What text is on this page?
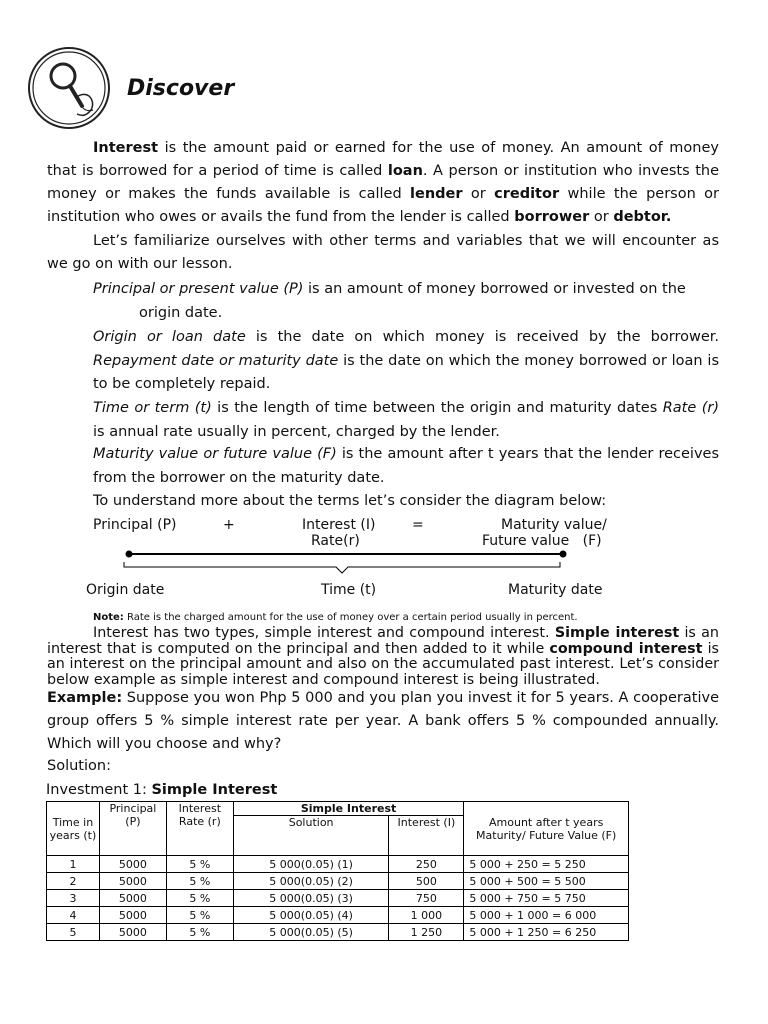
Discover
Interest is the amount paid or earned for the use of money. An amount of money that is borrowed for a period of time is called loan. A person or institution who invests the money or makes the funds available is called lender or creditor while the person or institution who owes or avails the fund from the lender is called borrower or debtor.
Let’s familiarize ourselves with other terms and variables that we will encounter as we go on with our lesson.
Principal or present value (P) is an amount of money borrowed or invested on the
origin date.
Origin or loan date is the date on which money is received by the borrower. Repayment date or maturity date is the date on which the money borrowed or loan is to be completely repaid.
Time or term (t) is the length of time between the origin and maturity dates Rate (r) is annual rate usually in percent, charged by the lender.
Maturity value or future value (F) is the amount after t years that the lender receives from the borrower on the maturity date.
To understand more about the terms let’s consider the diagram below:
Principal (P)	+	Interest (I)
Rate(r)
=	Maturity value/
Future value   (F)
Origin date	Time (t)	Maturity date
Note: Rate is the charged amount for the use of money over a certain period usually in percent.
Interest has two types, simple interest and compound interest. Simple interest is an interest that is computed on the principal and then added to it while compound interest is an interest on the principal amount and also on the accumulated past interest. Let’s consider below example as simple interest and compound interest is being illustrated.
Example: Suppose you won Php 5 000 and you plan you invest it for 5 years. A cooperative group offers 5 % simple interest rate per year. A bank offers 5 % compounded annually. Which will you choose and why?
Solution:
Investment 1: Simple Interest
Time in years (t)	Principal (P)	Interest Rate (r)	Simple Interest		Amount after t years Maturity/ Future Value (F)
			Solution	Interest (I)	
1	5000	5 %	5 000(0.05) (1)	250	5 000 + 250 = 5 250
2	5000	5 %	5 000(0.05) (2)	500	5 000 + 500 = 5 500
3	5000	5 %	5 000(0.05) (3)	750	5 000 + 750 = 5 750
4	5000	5 %	5 000(0.05) (4)	1 000	5 000 + 1 000 = 6 000
5	5000	5 %	5 000(0.05) (5)	1 250	5 000 + 1 250 = 6 250
